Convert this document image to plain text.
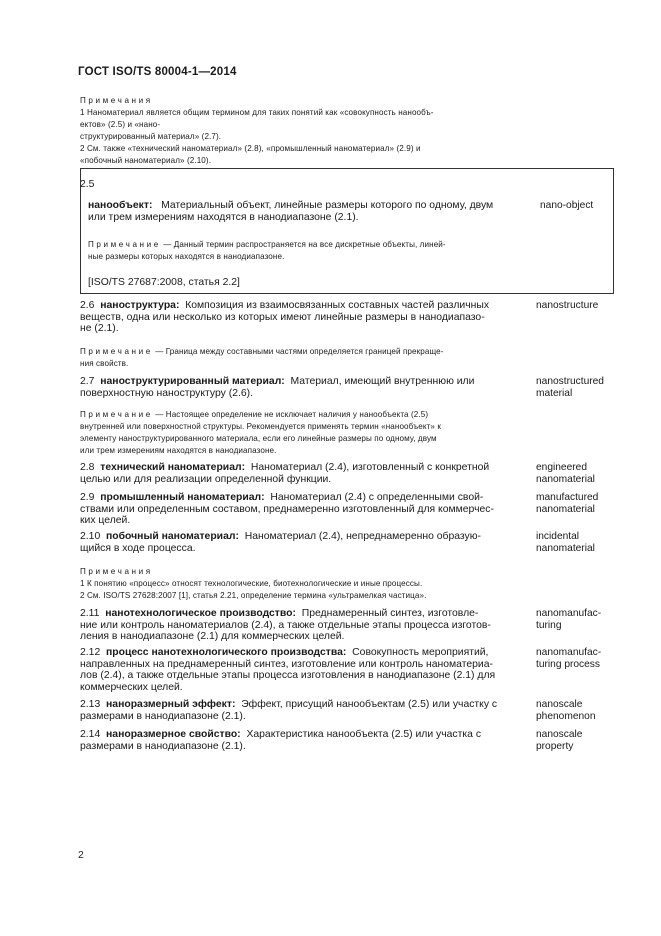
ГОСТ ISO/TS 80004-1—2014
Примечания
1 Наноматериал является общим термином для таких понятий как «совокупность нанообъ-
ектов» (2.5) и «нано-
структурированный материал» (2.7).
2 См. также «технический наноматериал» (2.8), «промышленный наноматериал» (2.9) и
«побочный наноматериал» (2.10).
2.5
нанообъект: Материальный объект, линейные размеры которого по одному, двум
или трем измерениям находятся в нанодиапазоне (2.1).
nano-object
Примечание — Данный термин распространяется на все дискретные объекты, линей-
ные размеры которых находятся в нанодиапазоне.
[ISO/TS 27687:2008, статья 2.2]
2.6 наноструктура: Композиция из взаимосвязанных составных частей различных
веществ, одна или несколько из которых имеют линейные размеры в нанодиапазо-
не (2.1).
nanostructure
Примечание — Граница между составными частями определяется границей прекраще-
ния свойств.
2.7 наноструктурированный материал: Материал, имеющий внутреннюю или
поверхностную наноструктуру (2.6).
nanostructured
material
Примечание — Настоящее определение не исключает наличия у нанообъекта (2.5)
внутренней или поверхностной структуры. Рекомендуется применять термин «нанообъект» к
элементу наноструктурированного материала, если его линейные размеры по одному, двум
или трем измерениям находятся в нанодиапазоне.
2.8 технический наноматериал: Наноматериал (2.4), изготовленный с конкретной
целью или для реализации определенной функции.
engineered
nanomaterial
2.9 промышленный наноматериал: Наноматериал (2.4) с определенными свой-
ствами или определенным составом, преднамеренно изготовленный для коммерчес-
ких целей.
manufactured
nanomaterial
2.10 побочный наноматериал: Наноматериал (2.4), непреднамеренно образую-
щийся в ходе процесса.
incidental
nanomaterial
Примечания
1 К понятию «процесс» относят технологические, биотехнологические и иные процессы.
2 См. ISO/TS 27628:2007 [1], статья 2.21, определение термина «ультрамелкая частица».
2.11 нанотехнологическое производство: Преднамеренный синтез, изготовле-
ние или контроль наноматериалов (2.4), а также отдельные этапы процесса изготов-
ления в нанодиапазоне (2.1) для коммерческих целей.
nanomanufac-
turing
2.12 процесс нанотехнологического производства: Совокупность мероприятий,
направленных на преднамеренный синтез, изготовление или контроль наноматериа-
лов (2.4), а также отдельные этапы процесса изготовления в нанодиапазоне (2.1) для
коммерческих целей.
nanomanufac-
turing process
2.13 наноразмерный эффект: Эффект, присущий нанообъектам (2.5) или участку с
размерами в нанодиапазоне (2.1).
nanoscale
phenomenon
2.14 наноразмерное свойство: Характеристика нанообъекта (2.5) или участка с
размерами в нанодиапазоне (2.1).
nanoscale
property
2
